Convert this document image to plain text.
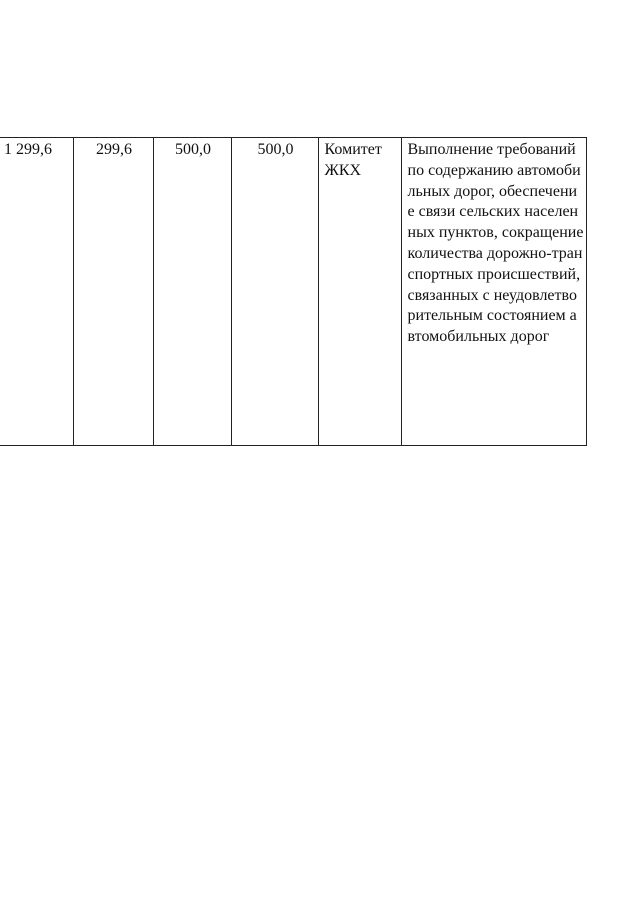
1 299,6	299,6	500,0	500,0	Комитет ЖКХ	Выполнение требований по содержанию автомобильных дорог, обеспечение связи сельских населенных пунктов, сокращение количества дорожно-транспортных происшествий, связанных с неудовлетворительным состоянием автомобильных дорог
